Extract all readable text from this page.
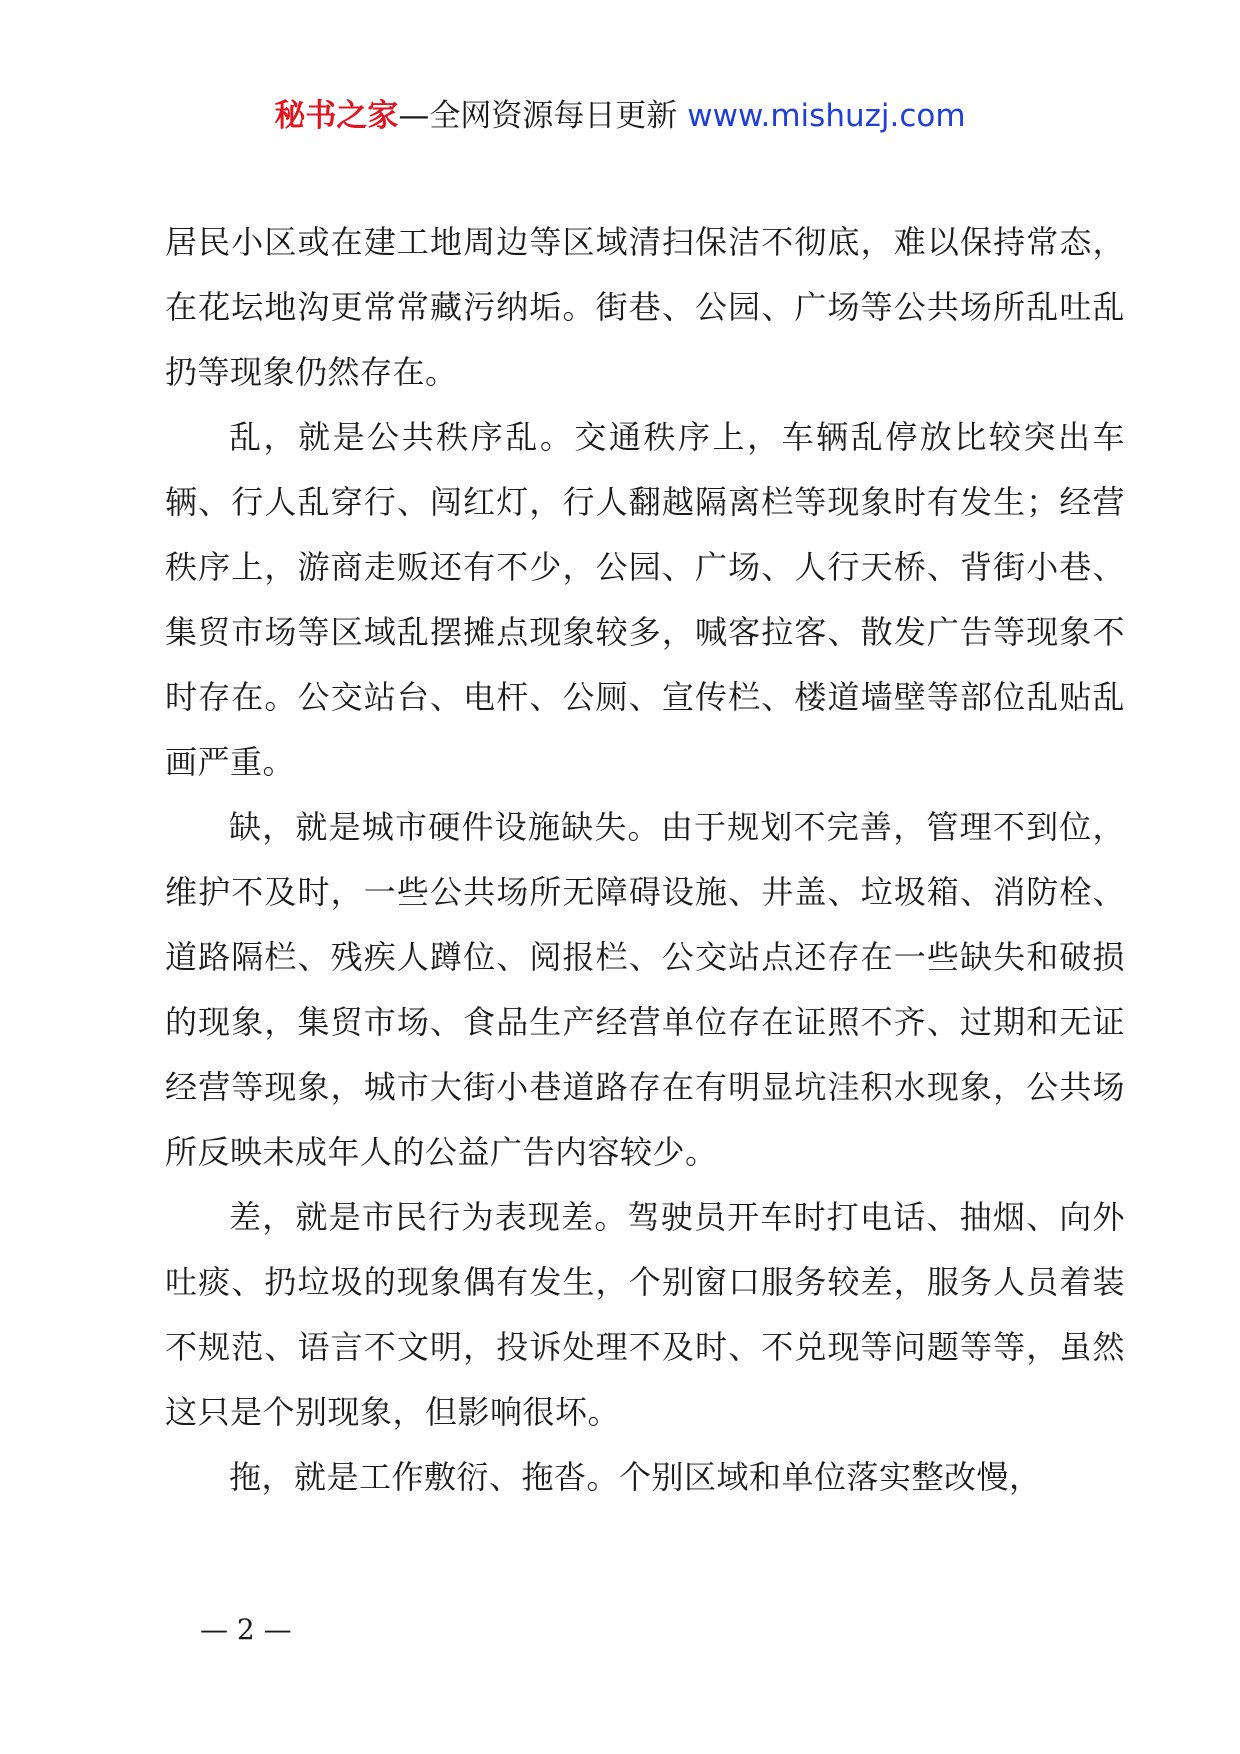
秘书之家—全网资源每日更新 www.mishuzj.com

居民小区或在建工地周边等区域清扫保洁不彻底，难以保持常态，在花坛地沟更常常藏污纳垢。街巷、公园、广场等公共场所乱吐乱扔等现象仍然存在。

乱，就是公共秩序乱。交通秩序上，车辆乱停放比较突出车辆、行人乱穿行、闯红灯，行人翻越隔离栏等现象时有发生；经营秩序上，游商走贩还有不少，公园、广场、人行天桥、背街小巷、集贸市场等区域乱摆摊点现象较多，喊客拉客、散发广告等现象不时存在。公交站台、电杆、公厕、宣传栏、楼道墙壁等部位乱贴乱画严重。

缺，就是城市硬件设施缺失。由于规划不完善，管理不到位，维护不及时，一些公共场所无障碍设施、井盖、垃圾箱、消防栓、道路隔栏、残疾人蹲位、阅报栏、公交站点还存在一些缺失和破损的现象，集贸市场、食品生产经营单位存在证照不齐、过期和无证经营等现象，城市大街小巷道路存在有明显坑洼积水现象，公共场所反映未成年人的公益广告内容较少。

差，就是市民行为表现差。驾驶员开车时打电话、抽烟、向外吐痰、扔垃圾的现象偶有发生，个别窗口服务较差，服务人员着装不规范、语言不文明，投诉处理不及时、不兑现等问题等等，虽然这只是个别现象，但影响很坏。

拖，就是工作敷衍、拖沓。个别区域和单位落实整改慢，

— 2 —
